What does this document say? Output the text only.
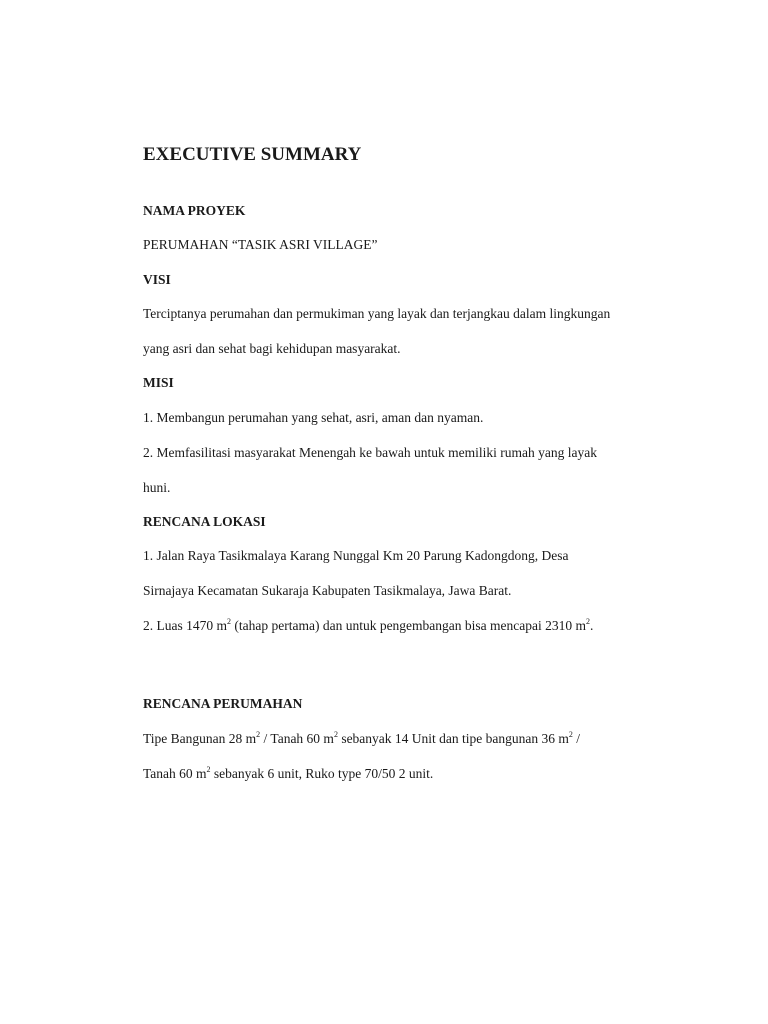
EXECUTIVE SUMMARY
NAMA PROYEK
PERUMAHAN “TASIK ASRI VILLAGE”
VISI
Terciptanya perumahan dan permukiman yang layak dan terjangkau dalam lingkungan
yang asri dan sehat bagi kehidupan masyarakat.
MISI
1. Membangun perumahan yang sehat, asri, aman dan nyaman.
2. Memfasilitasi masyarakat Menengah ke bawah untuk memiliki rumah yang layak
huni.
RENCANA LOKASI
1. Jalan Raya Tasikmalaya Karang Nunggal Km 20 Parung Kadongdong, Desa
Sirnajaya Kecamatan Sukaraja Kabupaten Tasikmalaya, Jawa Barat.
2. Luas 1470 $m^2$ (tahap pertama) dan untuk pengembangan bisa mencapai 2310 $m^2$.
RENCANA PERUMAHAN
Tipe Bangunan 28 $m^2$ / Tanah 60 $m^2$ sebanyak 14 Unit dan tipe bangunan 36 $m^2$ /
Tanah 60 $m^2$ sebanyak 6 unit, Ruko type 70/50 2 unit.
